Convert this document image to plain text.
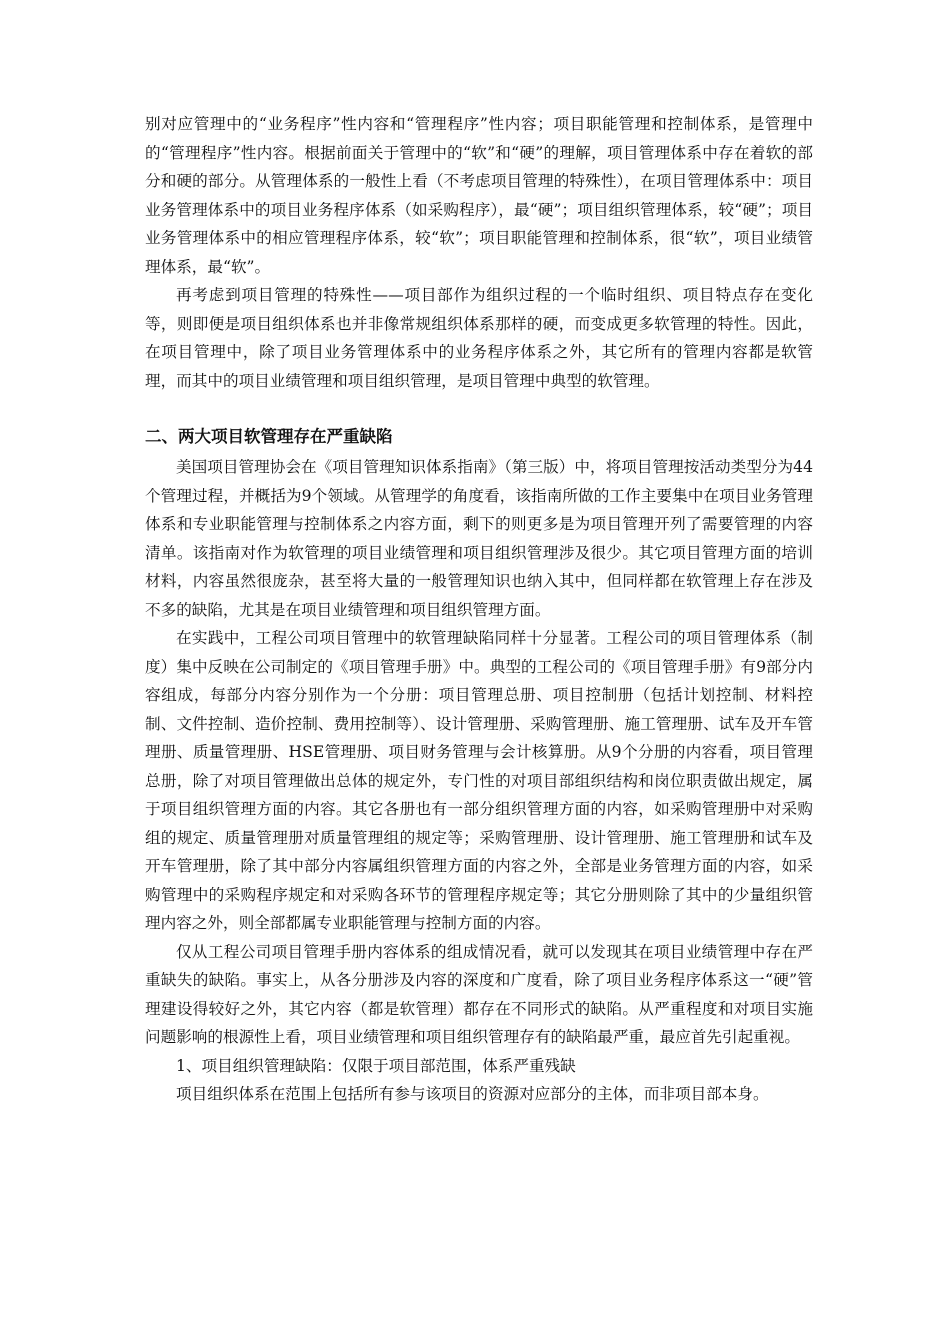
别对应管理中的“业务程序”性内容和“管理程序”性内容；项目职能管理和控制体系，是管理中的“管理程序”性内容。根据前面关于管理中的“软”和“硬”的理解，项目管理体系中存在着软的部分和硬的部分。从管理体系的一般性上看（不考虑项目管理的特殊性），在项目管理体系中：项目业务管理体系中的项目业务程序体系（如采购程序），最“硬”；项目组织管理体系，较“硬”；项目业务管理体系中的相应管理程序体系，较“软”；项目职能管理和控制体系，很“软”，项目业绩管理体系，最“软”。

再考虑到项目管理的特殊性——项目部作为组织过程的一个临时组织、项目特点存在变化等，则即便是项目组织体系也并非像常规组织体系那样的硬，而变成更多软管理的特性。因此，在项目管理中，除了项目业务管理体系中的业务程序体系之外，其它所有的管理内容都是软管理，而其中的项目业绩管理和项目组织管理，是项目管理中典型的软管理。

二、两大项目软管理存在严重缺陷

美国项目管理协会在《项目管理知识体系指南》（第三版）中，将项目管理按活动类型分为44个管理过程，并概括为9个领域。从管理学的角度看，该指南所做的工作主要集中在项目业务管理体系和专业职能管理与控制体系之内容方面，剩下的则更多是为项目管理开列了需要管理的内容清单。该指南对作为软管理的项目业绩管理和项目组织管理涉及很少。其它项目管理方面的培训材料，内容虽然很庞杂，甚至将大量的一般管理知识也纳入其中，但同样都在软管理上存在涉及不多的缺陷，尤其是在项目业绩管理和项目组织管理方面。

在实践中，工程公司项目管理中的软管理缺陷同样十分显著。工程公司的项目管理体系（制度）集中反映在公司制定的《项目管理手册》中。典型的工程公司的《项目管理手册》有9部分内容组成，每部分内容分别作为一个分册：项目管理总册、项目控制册（包括计划控制、材料控制、文件控制、造价控制、费用控制等）、设计管理册、采购管理册、施工管理册、试车及开车管理册、质量管理册、HSE管理册、项目财务管理与会计核算册。从9个分册的内容看，项目管理总册，除了对项目管理做出总体的规定外，专门性的对项目部组织结构和岗位职责做出规定，属于项目组织管理方面的内容。其它各册也有一部分组织管理方面的内容，如采购管理册中对采购组的规定、质量管理册对质量管理组的规定等；采购管理册、设计管理册、施工管理册和试车及开车管理册，除了其中部分内容属组织管理方面的内容之外，全部是业务管理方面的内容，如采购管理中的采购程序规定和对采购各环节的管理程序规定等；其它分册则除了其中的少量组织管理内容之外，则全部都属专业职能管理与控制方面的内容。

仅从工程公司项目管理手册内容体系的组成情况看，就可以发现其在项目业绩管理中存在严重缺失的缺陷。事实上，从各分册涉及内容的深度和广度看，除了项目业务程序体系这一“硬”管理建设得较好之外，其它内容（都是软管理）都存在不同形式的缺陷。从严重程度和对项目实施问题影响的根源性上看，项目业绩管理和项目组织管理存有的缺陷最严重，最应首先引起重视。

1、项目组织管理缺陷：仅限于项目部范围，体系严重残缺

项目组织体系在范围上包括所有参与该项目的资源对应部分的主体，而非项目部本身。
